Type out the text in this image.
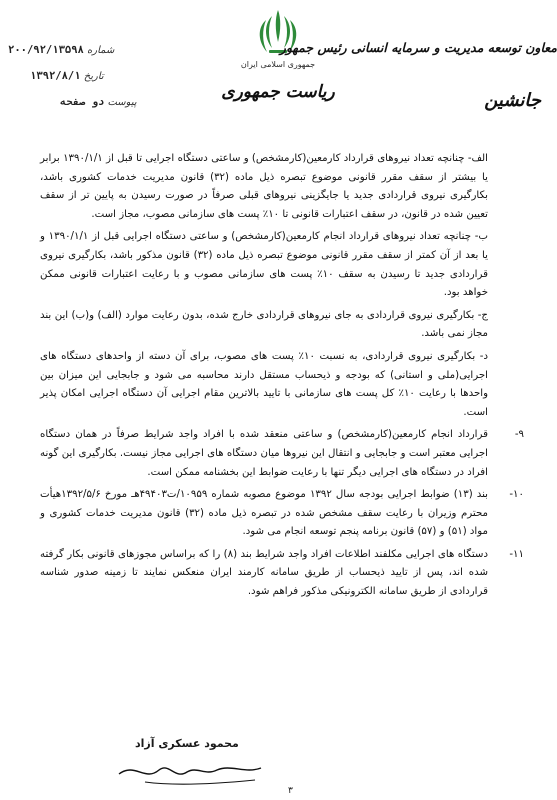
شماره ۲۰۰/۹۲/۱۳۵۹۸
تاریخ ۱۳۹۲/۸/۱
پیوست دو صفحه
جمهوری اسلامی ایران
ریاست جمهوری
معاون توسعه مدیریت و سرمایه انسانی رئیس جمهور
جانشین

الف- چنانچه تعداد نیروهای قرارداد کارمعین(کارمشخص) و ساعتی دستگاه اجرایی تا قبل از ۱۳۹۰/۱/۱ برابر یا بیشتر از سقف مقرر قانونی موضوع تبصره ذیل ماده (۳۲) قانون مدیریت خدمات کشوری باشد، بکارگیری نیروی قراردادی جدید یا جایگزینی نیروهای قبلی صرفاً در صورت رسیدن به پایین تر از سقف تعیین شده در قانون، در سقف اعتبارات قانونی تا ۱۰٪ پست های سازمانی مصوب، مجاز است.

ب- چنانچه تعداد نیروهای قرارداد انجام کارمعین(کارمشخص) و ساعتی دستگاه اجرایی قبل از ۱۳۹۰/۱/۱ و یا بعد از آن کمتر از سقف مقرر قانونی موضوع تبصره ذیل ماده (۳۲) قانون مذکور باشد، بکارگیری نیروی قراردادی جدید تا رسیدن به سقف ۱۰٪ پست های سازمانی مصوب و با رعایت اعتبارات قانونی ممکن خواهد بود.

ج- بکارگیری نیروی قراردادی به جای نیروهای قراردادی خارج شده، بدون رعایت موارد (الف) و(ب) این بند مجاز نمی باشد.

د- بکارگیری نیروی قراردادی، به نسبت ۱۰٪ پست های مصوب، برای آن دسته از واحدهای دستگاه های اجرایی(ملی و استانی) که بودجه و ذیحساب مستقل دارند محاسبه می شود و جابجایی این میزان بین واحدها با رعایت ۱۰٪ کل پست های سازمانی با تایید بالاترین مقام اجرایی آن دستگاه اجرایی امکان پذیر است.

۹-
قرارداد انجام کارمعین(کارمشخص) و ساعتی منعقد شده با افراد واجد شرایط صرفاً در همان دستگاه اجرایی معتبر است و جابجایی و انتقال این نیروها میان دستگاه های اجرایی مجاز نیست. بکارگیری این گونه افراد در دستگاه های اجرایی دیگر تنها با رعایت ضوابط این بخشنامه ممکن است.
۱۰-
بند (۱۳) ضوابط اجرایی بودجه سال ۱۳۹۲ موضوع مصوبه شماره ۱۰۹۵۹/ت۴۹۴۰۳هـ مورخ ۱۳۹۲/۵/۶هیأت محترم وزیران با رعایت سقف مشخص شده در تبصره ذیل ماده (۳۲) قانون مدیریت خدمات کشوری و مواد (۵۱) و (۵۷) قانون برنامه پنجم توسعه انجام می شود.
۱۱-
دستگاه های اجرایی مکلفند اطلاعات افراد واجد شرایط بند (۸) را که براساس مجوزهای قانونی بکار گرفته شده اند، پس از تایید ذیحساب از طریق سامانه کارمند ایران منعکس نمایند تا زمینه صدور شناسه قراردادی از طریق سامانه الکترونیکی مذکور فراهم شود.
محمود عسکری آزاد
۳
